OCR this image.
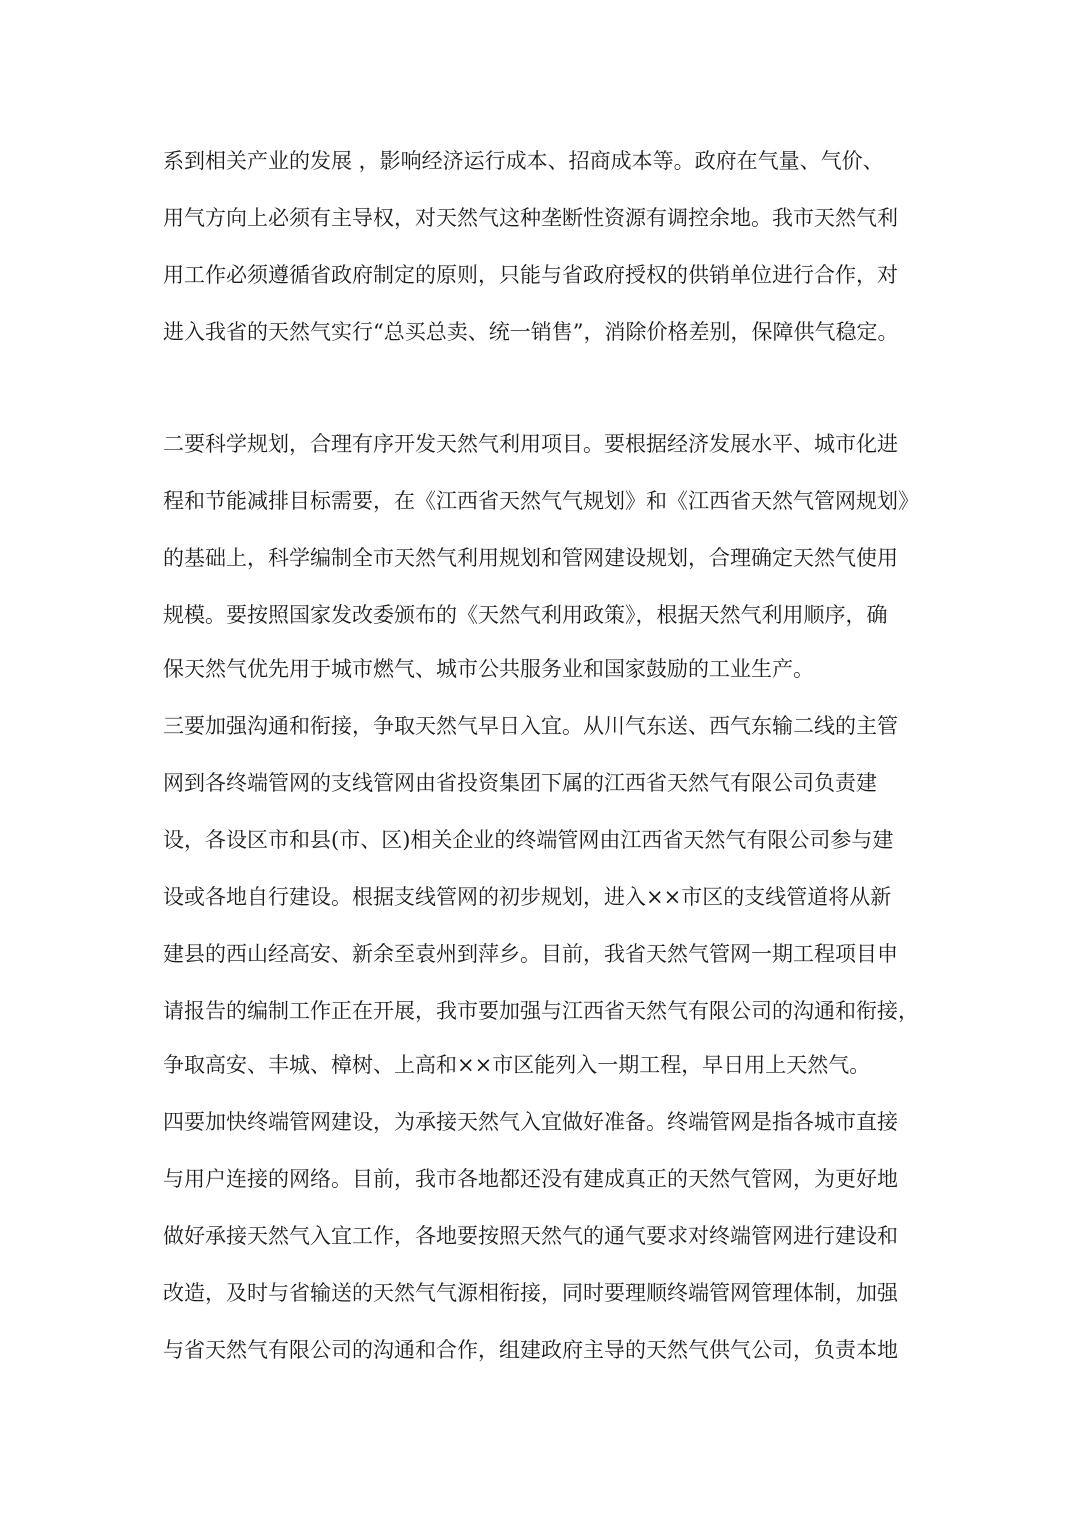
系到相关产业的发展 ，影响经济运行成本、招商成本等。政府在气量、气价、
用气方向上必须有主导权，对天然气这种垄断性资源有调控余地。我市天然气利
用工作必须遵循省政府制定的原则，只能与省政府授权的供销单位进行合作，对
进入我省的天然气实行“总买总卖、统一销售”，消除价格差别，保障供气稳定。
二要科学规划，合理有序开发天然气利用项目。要根据经济发展水平、城市化进
程和节能减排目标需要，在《江西省天然气气规划》和《江西省天然气管网规划》
的基础上，科学编制全市天然气利用规划和管网建设规划，合理确定天然气使用
规模。要按照国家发改委颁布的《天然气利用政策》，根据天然气利用顺序，确
保天然气优先用于城市燃气、城市公共服务业和国家鼓励的工业生产。
三要加强沟通和衔接，争取天然气早日入宜。从川气东送、西气东输二线的主管
网到各终端管网的支线管网由省投资集团下属的江西省天然气有限公司负责建
设，各设区市和县(市、区)相关企业的终端管网由江西省天然气有限公司参与建
设或各地自行建设。根据支线管网的初步规划，进入××市区的支线管道将从新
建县的西山经高安、新余至袁州到萍乡。目前，我省天然气管网一期工程项目申
请报告的编制工作正在开展，我市要加强与江西省天然气有限公司的沟通和衔接，
争取高安、丰城、樟树、上高和××市区能列入一期工程，早日用上天然气。
四要加快终端管网建设，为承接天然气入宜做好准备。终端管网是指各城市直接
与用户连接的网络。目前，我市各地都还没有建成真正的天然气管网，为更好地
做好承接天然气入宜工作，各地要按照天然气的通气要求对终端管网进行建设和
改造，及时与省输送的天然气气源相衔接，同时要理顺终端管网管理体制，加强
与省天然气有限公司的沟通和合作，组建政府主导的天然气供气公司，负责本地
